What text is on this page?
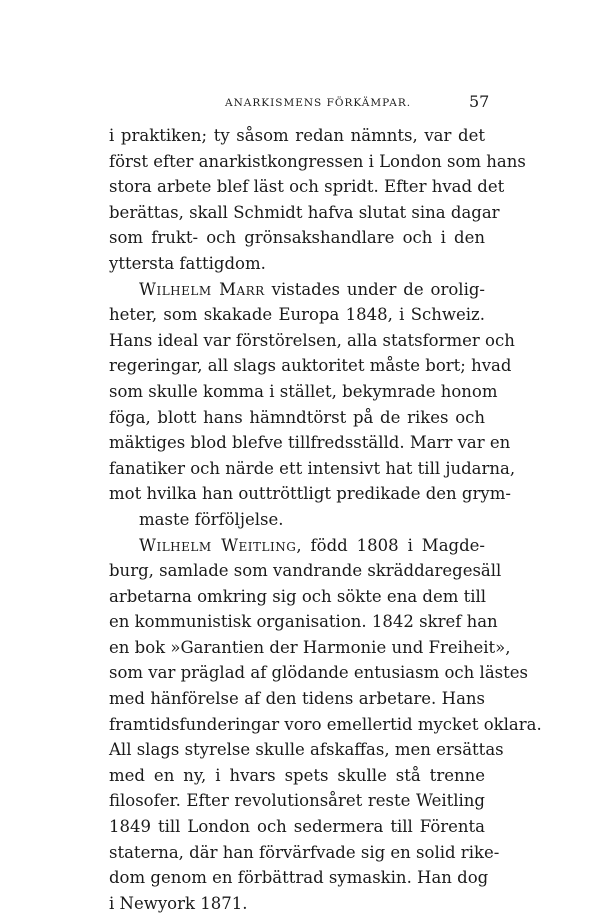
ANARKISMENS FÖRKÄMPAR.	57
i praktiken; ty såsom redan nämnts, var det
först efter anarkistkongressen i London som hans
stora arbete blef läst och spridt. Efter hvad det
berättas, skall Schmidt hafva slutat sina dagar
som frukt- och grönsakshandlare och i den
yttersta fattigdom.
Wilhelm Marr vistades under de orolig-
heter, som skakade Europa 1848, i Schweiz.
Hans ideal var förstörelsen, alla statsformer och
regeringar, all slags auktoritet måste bort; hvad
som skulle komma i stället, bekymrade honom
föga, blott hans hämndtörst på de rikes och
mäktiges blod blefve tillfredsställd. Marr var en
fanatiker och närde ett intensivt hat till judarna,
mot hvilka han outtröttligt predikade den grym-
maste förföljelse.
Wilhelm Weitling, född 1808 i Magde-
burg, samlade som vandrande skräddaregesäll
arbetarna omkring sig och sökte ena dem till
en kommunistisk organisation. 1842 skref han
en bok »Garantien der Harmonie und Freiheit»,
som var präglad af glödande entusiasm och lästes
med hänförelse af den tidens arbetare. Hans
framtidsfunderingar voro emellertid mycket oklara.
All slags styrelse skulle afskaffas, men ersättas
med en ny, i hvars spets skulle stå trenne
filosofer. Efter revolutionsåret reste Weitling
1849 till London och sedermera till Förenta
staterna, där han förvärfvade sig en solid rike-
dom genom en förbättrad symaskin. Han dog
i Newyork 1871.
